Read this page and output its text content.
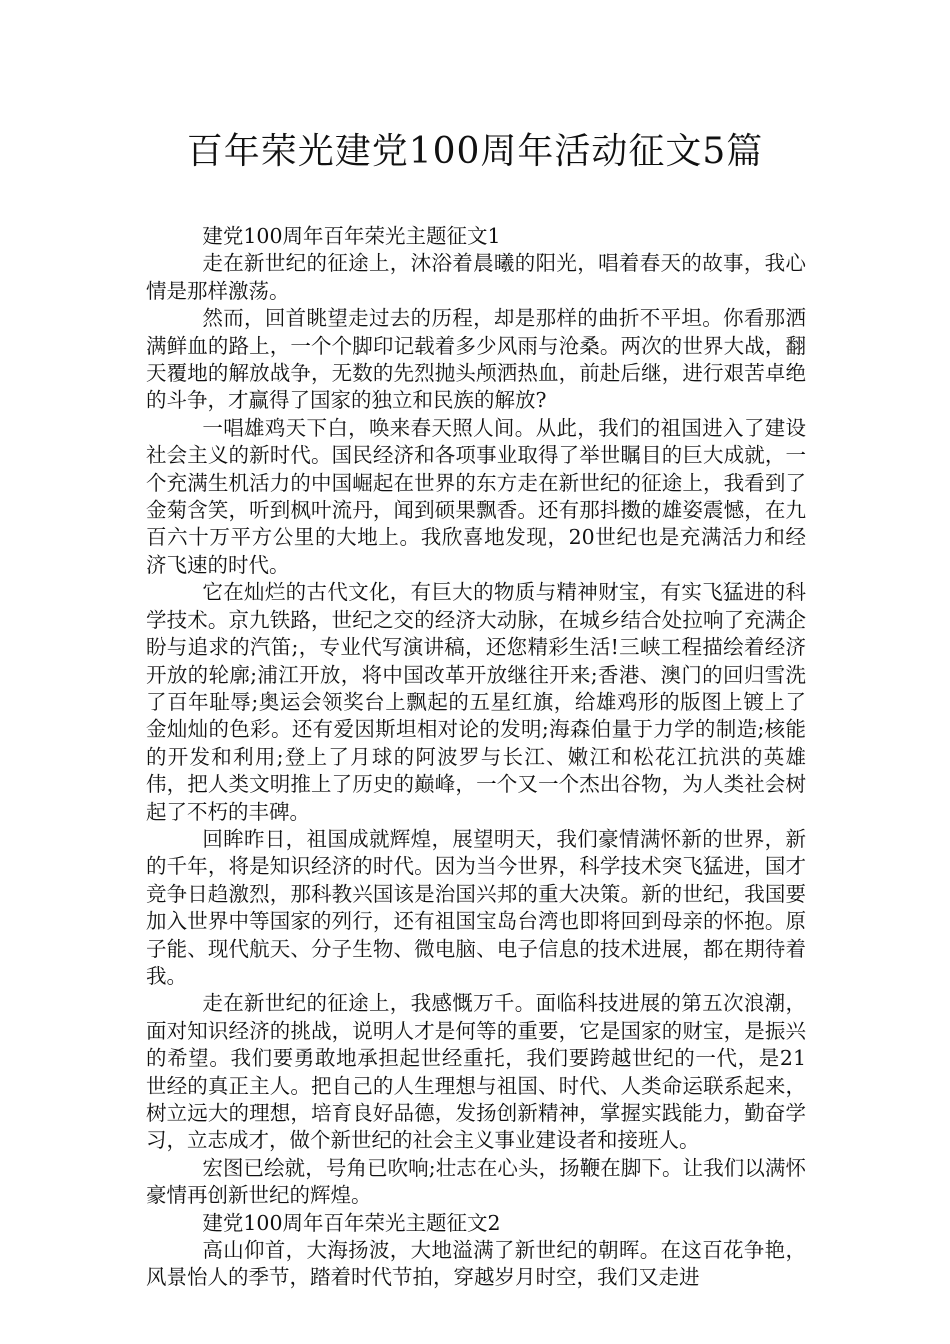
百年荣光建党100周年活动征文5篇

建党100周年百年荣光主题征文1

走在新世纪的征途上，沐浴着晨曦的阳光，唱着春天的故事，我心情是那样激荡。

然而，回首眺望走过去的历程，却是那样的曲折不平坦。你看那洒满鲜血的路上，一个个脚印记载着多少风雨与沧桑。两次的世界大战，翻天覆地的解放战争，无数的先烈抛头颅洒热血，前赴后继，进行艰苦卓绝的斗争，才赢得了国家的独立和民族的解放?

一唱雄鸡天下白，唤来春天照人间。从此，我们的祖国进入了建设社会主义的新时代。国民经济和各项事业取得了举世瞩目的巨大成就，一个充满生机活力的中国崛起在世界的东方走在新世纪的征途上，我看到了金菊含笑，听到枫叶流丹，闻到硕果飘香。还有那抖擞的雄姿震憾，在九百六十万平方公里的大地上。我欣喜地发现，20世纪也是充满活力和经济飞速的时代。

它在灿烂的古代文化，有巨大的物质与精神财宝，有实飞猛进的科学技术。京九铁路，世纪之交的经济大动脉，在城乡结合处拉响了充满企盼与追求的汽笛;，专业代写演讲稿，还您精彩生活!三峡工程描绘着经济开放的轮廓;浦江开放，将中国改革开放继往开来;香港、澳门的回归雪洗了百年耻辱;奥运会领奖台上飘起的五星红旗，给雄鸡形的版图上镀上了金灿灿的色彩。还有爱因斯坦相对论的发明;海森伯量于力学的制造;核能的开发和利用;登上了月球的阿波罗与长江、嫩江和松花江抗洪的英雄伟，把人类文明推上了历史的巅峰，一个又一个杰出谷物，为人类社会树起了不朽的丰碑。

回眸昨日，祖国成就辉煌，展望明天，我们豪情满怀新的世界，新的千年，将是知识经济的时代。因为当今世界，科学技术突飞猛进，国才竞争日趋激烈，那科教兴国该是治国兴邦的重大决策。新的世纪，我国要加入世界中等国家的列行，还有祖国宝岛台湾也即将回到母亲的怀抱。原子能、现代航天、分子生物、微电脑、电子信息的技术进展，都在期待着我。

走在新世纪的征途上，我感慨万千。面临科技进展的第五次浪潮，面对知识经济的挑战，说明人才是何等的重要，它是国家的财宝，是振兴的希望。我们要勇敢地承担起世经重托，我们要跨越世纪的一代，是21世经的真正主人。把自己的人生理想与祖国、时代、人类命运联系起来，树立远大的理想，培育良好品德，发扬创新精神，掌握实践能力，勤奋学习，立志成才，做个新世纪的社会主义事业建设者和接班人。

宏图已绘就，号角已吹响;壮志在心头，扬鞭在脚下。让我们以满怀豪情再创新世纪的辉煌。

建党100周年百年荣光主题征文2

高山仰首，大海扬波，大地溢满了新世纪的朝晖。在这百花争艳，风景怡人的季节，踏着时代节拍，穿越岁月时空，我们又走进
